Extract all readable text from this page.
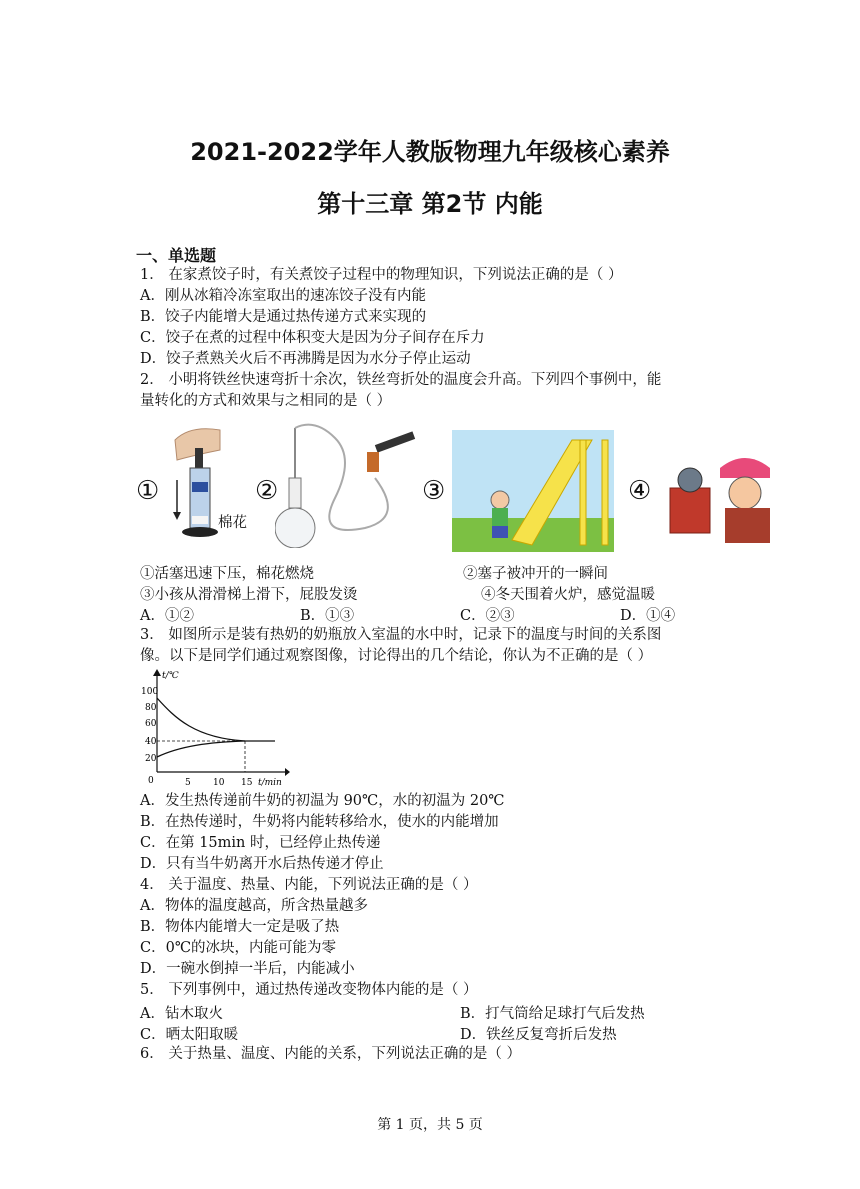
2021-2022学年人教版物理九年级核心素养
第十三章 第2节 内能
一、单选题
1． 在家煮饺子时，有关煮饺子过程中的物理知识，下列说法正确的是（ ）
A．刚从冰箱冷冻室取出的速冻饺子没有内能
B．饺子内能增大是通过热传递方式来实现的
C．饺子在煮的过程中体积变大是因为分子间存在斥力
D．饺子煮熟关火后不再沸腾是因为水分子停止运动
2． 小明将铁丝快速弯折十余次，铁丝弯折处的温度会升高。下列四个事例中，能
量转化的方式和效果与之相同的是（ ）
①
棉花
②	③	④
①活塞迅速下压，棉花燃烧	②塞子被冲开的一瞬间
③小孩从滑滑梯上滑下，屁股发烫	④冬天围着火炉，感觉温暖
A．①②	B．①③	C．②③	D．①④
3． 如图所示是装有热奶的奶瓶放入室温的水中时，记录下的温度与时间的关系图
像。以下是同学们通过观察图像，讨论得出的几个结论，你认为不正确的是（ ）
t/℃
t/min
0
100
80
60
40
20
5 10 15
A．发生热传递前牛奶的初温为 90℃，水的初温为 20℃
B．在热传递时，牛奶将内能转移给水，使水的内能增加
C．在第 15min 时，已经停止热传递
D．只有当牛奶离开水后热传递才停止
4． 关于温度、热量、内能，下列说法正确的是（ ）
A．物体的温度越高，所含热量越多
B．物体内能增大一定是吸了热
C．0℃的冰块，内能可能为零
D．一碗水倒掉一半后，内能减小
5． 下列事例中，通过热传递改变物体内能的是（ ）
A．钻木取火	B．打气筒给足球打气后发热
C．晒太阳取暖	D．铁丝反复弯折后发热
6． 关于热量、温度、内能的关系，下列说法正确的是（ ）
第 1 页，共 5 页
